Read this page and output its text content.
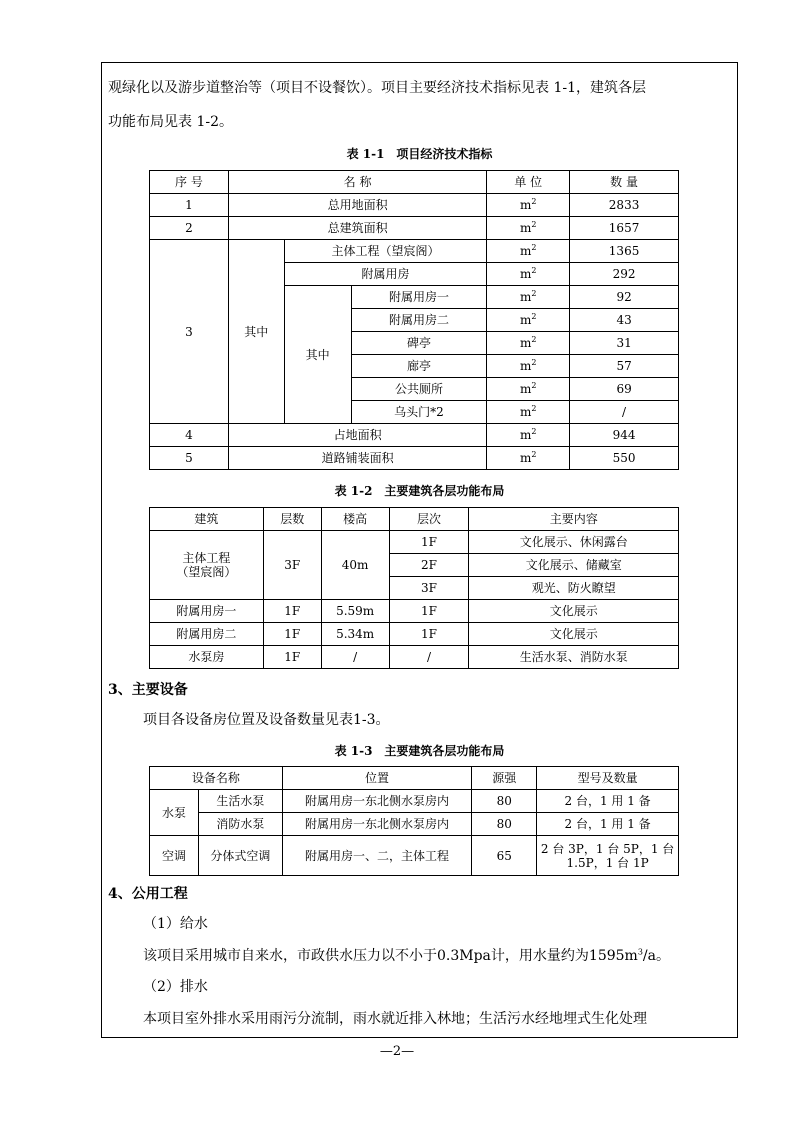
观绿化以及游步道整治等（项目不设餐饮）。项目主要经济技术指标见表 1-1，建筑各层
功能布局见表 1-2。
表 1-1　项目经济技术指标
序 号	名 称			单 位	数 量
1	总用地面积			$m^2$	2833
2	总建筑面积			$m^2$	1657
3	其中	主体工程（望宸阁）		$m^2$	1365
		附属用房		$m^2$	292
		其中	附属用房一	$m^2$	92
			附属用房二	$m^2$	43
			碑亭	$m^2$	31
			廊亭	$m^2$	57
			公共厕所	$m^2$	69
			乌头门*2	$m^2$	/
4	占地面积			$m^2$	944
5	道路铺装面积			$m^2$	550
表 1-2　主要建筑各层功能布局
建筑	层数	楼高	层次	主要内容

主体工程
（望宸阁）	3F	40m	1F	文化展示、休闲露台
			2F	文化展示、储藏室
			3F	观光、防火瞭望
附属用房一	1F	5.59m	1F	文化展示
附属用房二	1F	5.34m	1F	文化展示
水泵房	1F	/	/	生活水泵、消防水泵
3、主要设备
项目各设备房位置及设备数量见表1-3。
表 1-3　主要建筑各层功能布局
设备名称		位置	源强	型号及数量
水泵	生活水泵	附属用房一东北侧水泵房内	80	2 台，1 用 1 备
	消防水泵	附属用房一东北侧水泵房内	80	2 台，1 用 1 备
空调	分体式空调	附属用房一、二，主体工程	65	2 台 3P，1 台 5P，1 台
1.5P，1 台 1P
4、公用工程
（1）给水
该项目采用城市自来水，市政供水压力以不小于0.3Mpa计，用水量约为$1595m^3/a$。
（2）排水
本项目室外排水采用雨污分流制，雨水就近排入林地；生活污水经地埋式生化处理
—2—
